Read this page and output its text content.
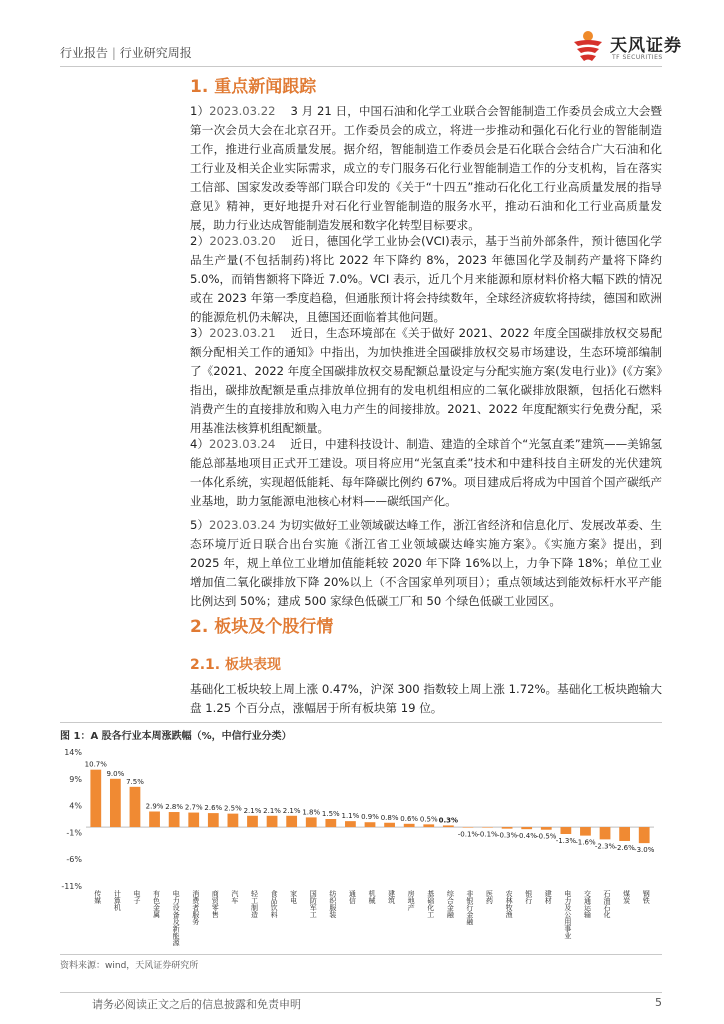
行业报告 | 行业研究周报	天风证券
TF SECURITIES
1. 重点新闻跟踪
1）2023.03.22 3 月 21 日，中国石油和化学工业联合会智能制造工作委员会成立大会暨第一次会员大会在北京召开。工作委员会的成立，将进一步推动和强化石化行业的智能制造工作，推进行业高质量发展。据介绍，智能制造工作委员会是石化联合会结合广大石油和化工行业及相关企业实际需求，成立的专门服务石化行业智能制造工作的分支机构，旨在落实工信部、国家发改委等部门联合印发的《关于“十四五”推动石化化工行业高质量发展的指导意见》精神，更好地提升对石化行业智能制造的服务水平，推动石油和化工行业高质量发展，助力行业达成智能制造发展和数字化转型目标要求。
2）2023.03.20 近日，德国化学工业协会(VCI)表示，基于当前外部条件，预计德国化学品生产量(不包括制药)将比 2022 年下降约 8%，2023 年德国化学及制药产量将下降约 5.0%，而销售额将下降近 7.0%。VCI 表示，近几个月来能源和原材料价格大幅下跌的情况或在 2023 年第一季度趋稳，但通胀预计将会持续数年，全球经济疲软将持续，德国和欧洲的能源危机仍未解决，且德国还面临着其他问题。
3）2023.03.21 近日，生态环境部在《关于做好 2021、2022 年度全国碳排放权交易配额分配相关工作的通知》中指出，为加快推进全国碳排放权交易市场建设，生态环境部编制了《2021、2022 年度全国碳排放权交易配额总量设定与分配实施方案(发电行业)》(《方案》指出，碳排放配额是重点排放单位拥有的发电机组相应的二氧化碳排放限额，包括化石燃料消费产生的直接排放和购入电力产生的间接排放。2021、2022 年度配额实行免费分配，采用基准法核算机组配额量。
4）2023.03.24 近日，中建科技设计、制造、建造的全球首个“光氢直柔”建筑——美锦氢能总部基地项目正式开工建设。项目将应用“光氢直柔”技术和中建科技自主研发的光伏建筑一体化系统，实现超低能耗、每年降碳比例约 67%。项目建成后将成为中国首个国产碳纸产业基地，助力氢能源电池核心材料——碳纸国产化。
5）2023.03.24 为切实做好工业领域碳达峰工作，浙江省经济和信息化厅、发展改革委、生态环境厅近日联合出台实施《浙江省工业领域碳达峰实施方案》。《实施方案》提出，到 2025 年，规上单位工业增加值能耗较 2020 年下降 16%以上，力争下降 18%；单位工业增加值二氧化碳排放下降 20%以上（不含国家单列项目）；重点领域达到能效标杆水平产能比例达到 50%；建成 500 家绿色低碳工厂和 50 个绿色低碳工业园区。
2. 板块及个股行情
2.1. 板块表现
基础化工板块较上周上涨 0.47%，沪深 300 指数较上周上涨 1.72%。基础化工板块跑输大盘 1.25 个百分点，涨幅居于所有板块第 19 位。
图 1：A 股各行业本周涨跌幅（%，中信行业分类）
14%
9%
4%
-1%
-6%
-11%
10.7%
传媒
9.0%
计算机
7.5%
电子
2.9%
有色金属
2.8%
电力设备及新能源
2.7%
消费者服务
2.6%
商贸零售
2.5%
汽车
2.1%
轻工制造
2.1%
食品饮料
2.1%
家电
1.8%
国防军工
1.5%
纺织服装
1.1%
通信
0.9%
机械
0.8%
建筑
0.6%
房地产
0.5%
基础化工
0.3%
综合金融
-0.1%
非银行金融
-0.1%
医药
-0.3%
农林牧渔
-0.4%
银行
-0.5%
建材
-1.3%
电力及公用事业
-1.6%
交通运输
-2.3%
石油石化
-2.6%
煤炭
-3.0%
钢铁
资料来源：wind，天风证券研究所
请务必阅读正文之后的信息披露和免责申明	5
